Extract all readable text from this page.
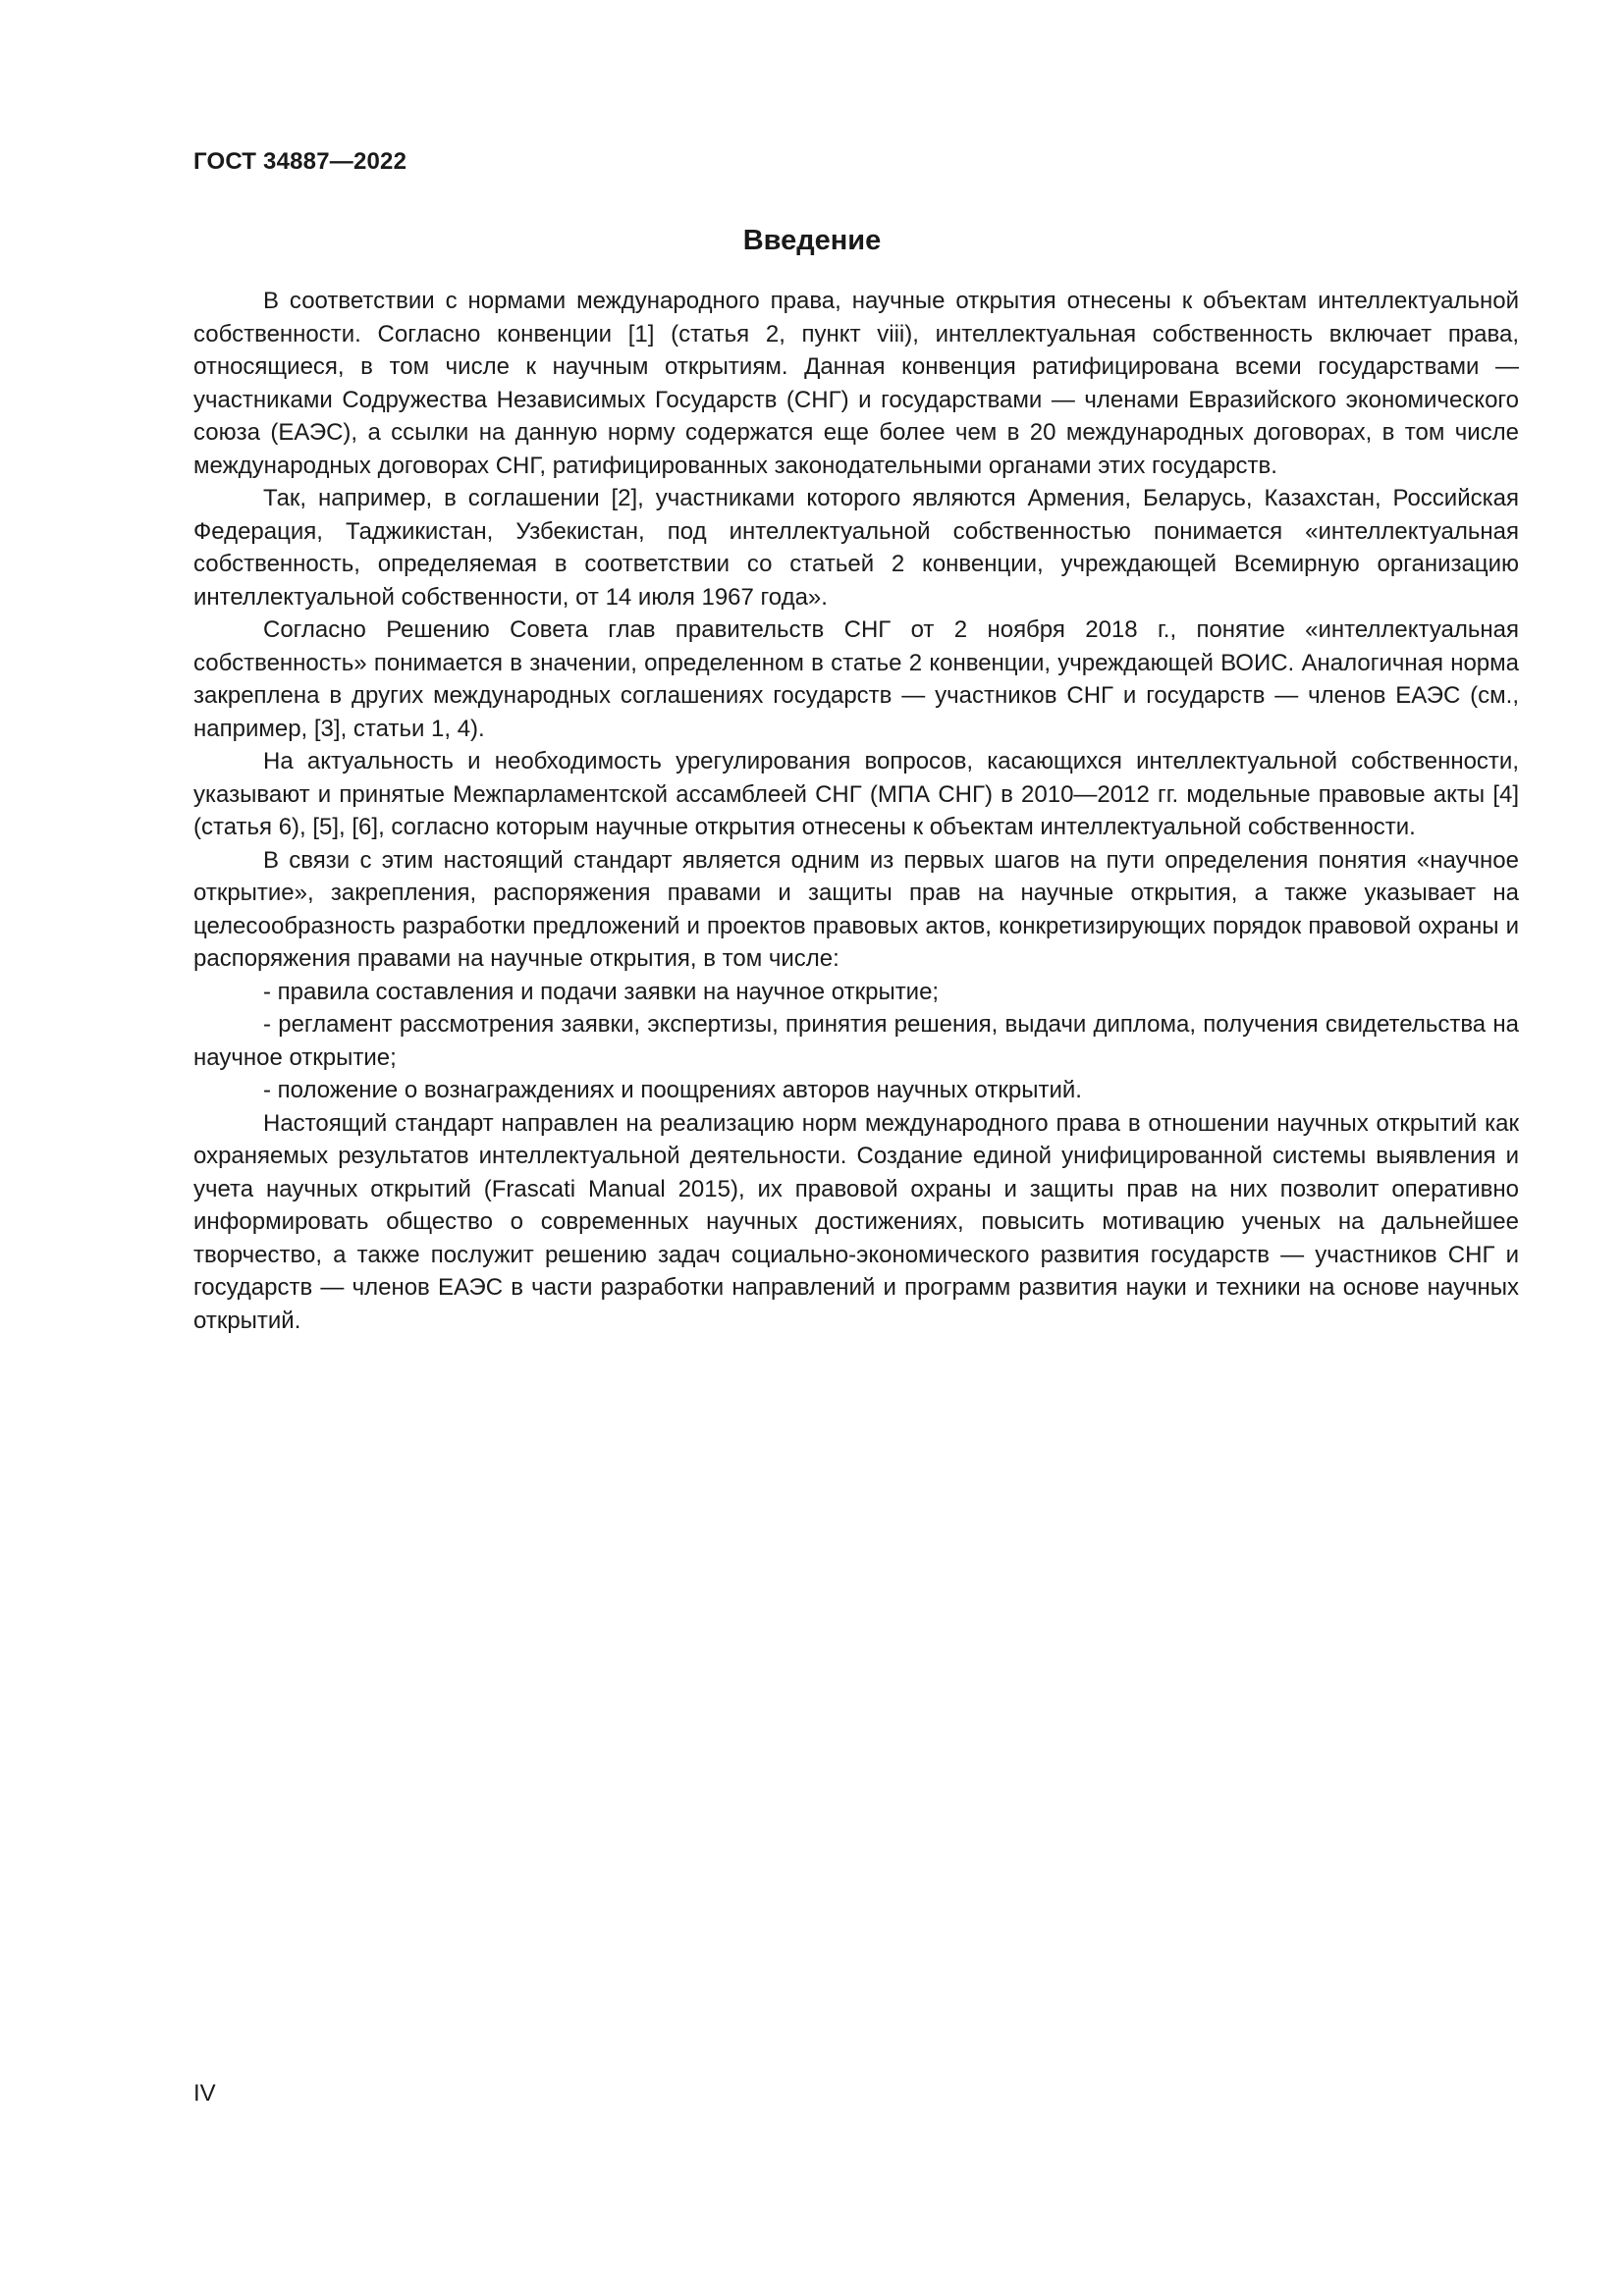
ГОСТ 34887—2022
Введение

В соответствии с нормами международного права, научные открытия отнесены к объектам интеллектуальной собственности. Согласно конвенции [1] (статья 2, пункт viii), интеллектуальная собственность включает права, относящиеся, в том числе к научным открытиям. Данная конвенция ратифицирована всеми государствами — участниками Содружества Независимых Государств (СНГ) и государствами — членами Евразийского экономического союза (ЕАЭС), а ссылки на данную норму содержатся еще более чем в 20 международных договорах, в том числе международных договорах СНГ, ратифицированных законодательными органами этих государств.

Так, например, в соглашении [2], участниками которого являются Армения, Беларусь, Казахстан, Российская Федерация, Таджикистан, Узбекистан, под интеллектуальной собственностью понимается «интеллектуальная собственность, определяемая в соответствии со статьей 2 конвенции, учреждающей Всемирную организацию интеллектуальной собственности, от 14 июля 1967 года».

Согласно Решению Совета глав правительств СНГ от 2 ноября 2018 г., понятие «интеллектуальная собственность» понимается в значении, определенном в статье 2 конвенции, учреждающей ВОИС. Аналогичная норма закреплена в других международных соглашениях государств — участников СНГ и государств — членов ЕАЭС (см., например, [3], статьи 1, 4).

На актуальность и необходимость урегулирования вопросов, касающихся интеллектуальной собственности, указывают и принятые Межпарламентской ассамблеей СНГ (МПА СНГ) в 2010—2012 гг. модельные правовые акты [4] (статья 6), [5], [6], согласно которым научные открытия отнесены к объектам интеллектуальной собственности.

В связи с этим настоящий стандарт является одним из первых шагов на пути определения понятия «научное открытие», закрепления, распоряжения правами и защиты прав на научные открытия, а также указывает на целесообразность разработки предложений и проектов правовых актов, конкретизирующих порядок правовой охраны и распоряжения правами на научные открытия, в том числе:

- правила составления и подачи заявки на научное открытие;

- регламент рассмотрения заявки, экспертизы, принятия решения, выдачи диплома, получения свидетельства на научное открытие;

- положение о вознаграждениях и поощрениях авторов научных открытий.

Настоящий стандарт направлен на реализацию норм международного права в отношении научных открытий как охраняемых результатов интеллектуальной деятельности. Создание единой унифицированной системы выявления и учета научных открытий (Frascati Manual 2015), их правовой охраны и защиты прав на них позволит оперативно информировать общество о современных научных достижениях, повысить мотивацию ученых на дальнейшее творчество, а также послужит решению задач социально-экономического развития государств — участников СНГ и государств — членов ЕАЭС в части разработки направлений и программ развития науки и техники на основе научных открытий.

IV
